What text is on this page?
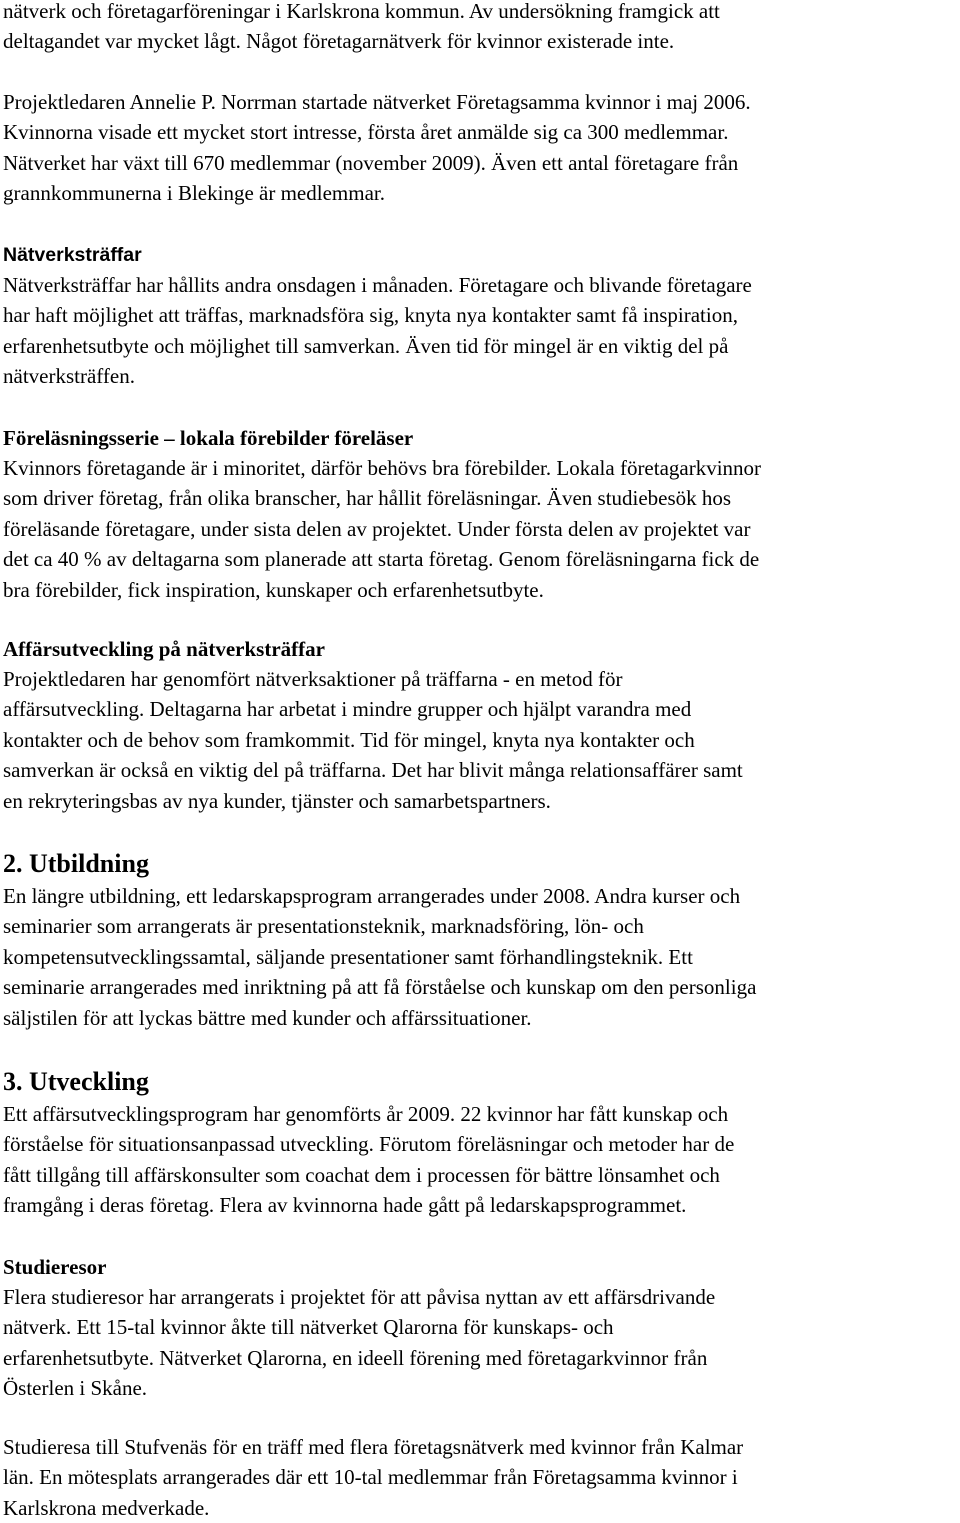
nätverk och företagarföreningar i Karlskrona kommun. Av undersökning framgick att
deltagandet var mycket lågt. Något företagarnätverk för kvinnor existerade inte.

Projektledaren Annelie P. Norrman startade nätverket Företagsamma kvinnor i maj 2006.
Kvinnorna visade ett mycket stort intresse, första året anmälde sig ca 300 medlemmar.
Nätverket har växt till 670 medlemmar (november 2009). Även ett antal företagare från
grannkommunerna i Blekinge är medlemmar.

Nätverksträffar

Nätverksträffar har hållits andra onsdagen i månaden. Företagare och blivande företagare
har haft möjlighet att träffas, marknadsföra sig, knyta nya kontakter samt få inspiration,
erfarenhetsutbyte och möjlighet till samverkan. Även tid för mingel är en viktig del på
nätverksträffen.

Föreläsningsserie – lokala förebilder föreläser

Kvinnors företagande är i minoritet, därför behövs bra förebilder. Lokala företagarkvinnor
som driver företag, från olika branscher, har hållit föreläsningar. Även studiebesök hos
föreläsande företagare, under sista delen av projektet. Under första delen av projektet var
det ca 40 % av deltagarna som planerade att starta företag. Genom föreläsningarna fick de
bra förebilder, fick inspiration, kunskaper och erfarenhetsutbyte.

Affärsutveckling på nätverksträffar

Projektledaren har genomfört nätverksaktioner på träffarna - en metod för
affärsutveckling. Deltagarna har arbetat i mindre grupper och hjälpt varandra med
kontakter och de behov som framkommit. Tid för mingel, knyta nya kontakter och
samverkan är också en viktig del på träffarna. Det har blivit många relationsaffärer samt
en rekryteringsbas av nya kunder, tjänster och samarbetspartners.

2. Utbildning

En längre utbildning, ett ledarskapsprogram arrangerades under 2008. Andra kurser och
seminarier som arrangerats är presentationsteknik, marknadsföring, lön- och
kompetensutvecklingssamtal, säljande presentationer samt förhandlingsteknik. Ett
seminarie arrangerades med inriktning på att få förståelse och kunskap om den personliga
säljstilen för att lyckas bättre med kunder och affärssituationer.

3. Utveckling

Ett affärsutvecklingsprogram har genomförts år 2009. 22 kvinnor har fått kunskap och
förståelse för situationsanpassad utveckling. Förutom föreläsningar och metoder har de
fått tillgång till affärskonsulter som coachat dem i processen för bättre lönsamhet och
framgång i deras företag. Flera av kvinnorna hade gått på ledarskapsprogrammet.

Studieresor

Flera studieresor har arrangerats i projektet för att påvisa nyttan av ett affärsdrivande
nätverk. Ett 15-tal kvinnor åkte till nätverket Qlarorna för kunskaps- och
erfarenhetsutbyte. Nätverket Qlarorna, en ideell förening med företagarkvinnor från
Österlen i Skåne.

Studieresa till Stufvenäs för en träff med flera företagsnätverk med kvinnor från Kalmar
län. En mötesplats arrangerades där ett 10-tal medlemmar från Företagsamma kvinnor i
Karlskrona medverkade.
